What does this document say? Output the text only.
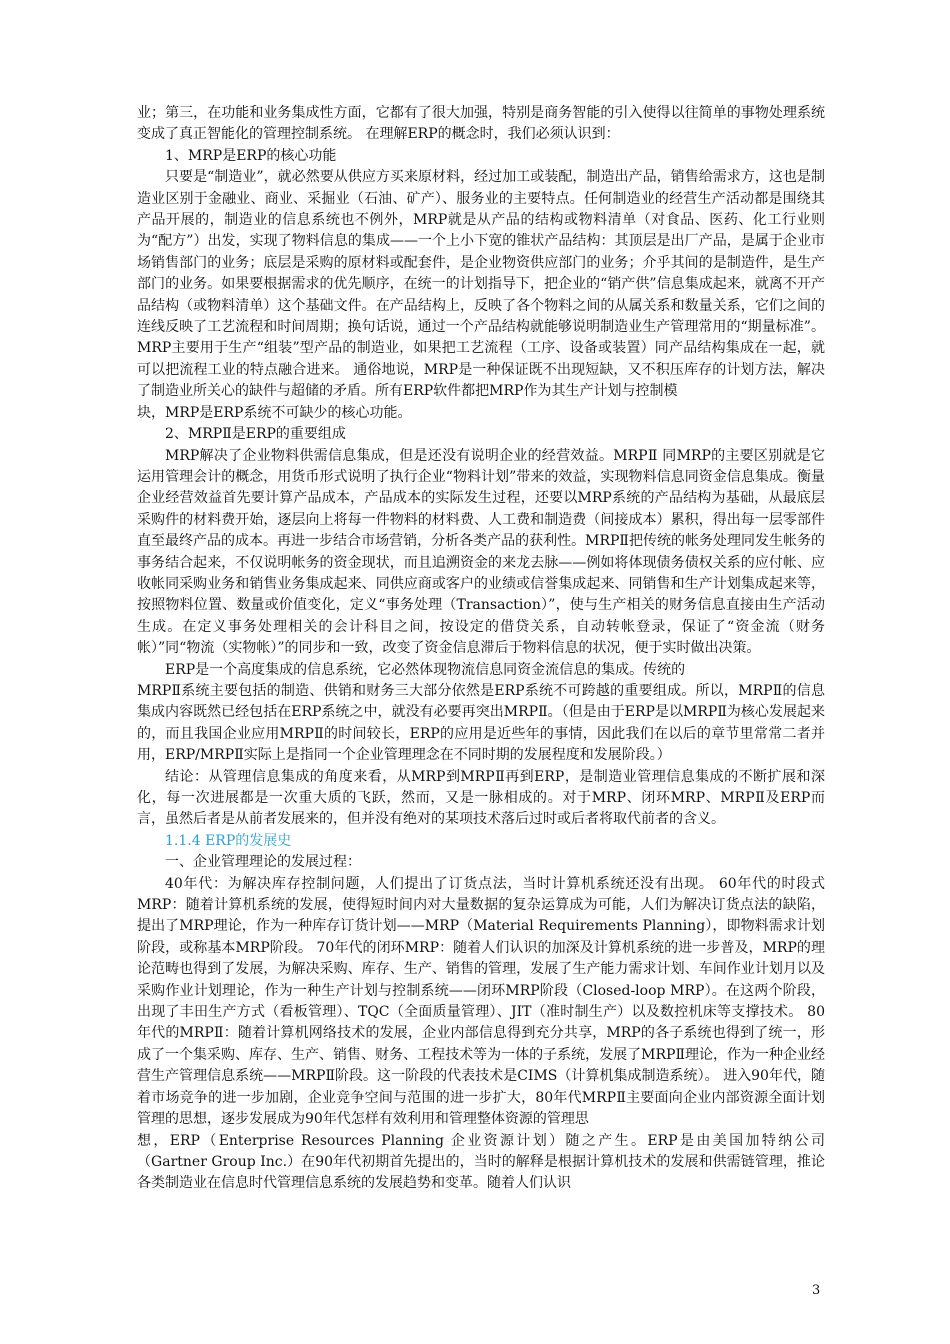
业；第三，在功能和业务集成性方面，它都有了很大加强，特别是商务智能的引入使得以往简单的事物处理系统变成了真正智能化的管理控制系统。 在理解ERP的概念时，我们必须认识到：

1、MRP是ERP的核心功能

只要是“制造业”，就必然要从供应方买来原材料，经过加工或装配，制造出产品，销售给需求方，这也是制造业区别于金融业、商业、采掘业（石油、矿产）、服务业的主要特点。任何制造业的经营生产活动都是围绕其产品开展的，制造业的信息系统也不例外，MRP就是从产品的结构或物料清单（对食品、医药、化工行业则为“配方”）出发，实现了物料信息的集成——一个上小下宽的锥状产品结构：其顶层是出厂产品，是属于企业市场销售部门的业务；底层是采购的原材料或配套件，是企业物资供应部门的业务；介乎其间的是制造件，是生产部门的业务。如果要根据需求的优先顺序，在统一的计划指导下，把企业的“销产供”信息集成起来，就离不开产品结构（或物料清单）这个基础文件。在产品结构上，反映了各个物料之间的从属关系和数量关系，它们之间的连线反映了工艺流程和时间周期；换句话说，通过一个产品结构就能够说明制造业生产管理常用的“期量标准”。MRP主要用于生产“组装”型产品的制造业，如果把工艺流程（工序、设备或装置）同产品结构集成在一起，就可以把流程工业的特点融合进来。 通俗地说，MRP是一种保证既不出现短缺，又不积压库存的计划方法，解决了制造业所关心的缺件与超储的矛盾。所有ERP软件都把MRP作为其生产计划与控制模

块，MRP是ERP系统不可缺少的核心功能。

2、MRPⅡ是ERP的重要组成

MRP解决了企业物料供需信息集成，但是还没有说明企业的经营效益。MRPⅡ 同MRP的主要区别就是它运用管理会计的概念，用货币形式说明了执行企业“物料计划”带来的效益，实现物料信息同资金信息集成。衡量企业经营效益首先要计算产品成本，产品成本的实际发生过程，还要以MRP系统的产品结构为基础，从最底层采购件的材料费开始，逐层向上将每一件物料的材料费、人工费和制造费（间接成本）累积，得出每一层零部件直至最终产品的成本。再进一步结合市场营销，分析各类产品的获利性。MRPⅡ把传统的帐务处理同发生帐务的事务结合起来，不仅说明帐务的资金现状，而且追溯资金的来龙去脉——例如将体现债务债权关系的应付帐、应收帐同采购业务和销售业务集成起来、同供应商或客户的业绩或信誉集成起来、同销售和生产计划集成起来等，按照物料位置、数量或价值变化，定义“事务处理（Transaction）”，使与生产相关的财务信息直接由生产活动生成。在定义事务处理相关的会计科目之间，按设定的借贷关系，自动转帐登录，保证了“资金流（财务帐）”同“物流（实物帐）”的同步和一致，改变了资金信息滞后于物料信息的状况，便于实时做出决策。

ERP是一个高度集成的信息系统，它必然体现物流信息同资金流信息的集成。传统的

MRPⅡ系统主要包括的制造、供销和财务三大部分依然是ERP系统不可跨越的重要组成。所以，MRPⅡ的信息集成内容既然已经包括在ERP系统之中，就没有必要再突出MRPⅡ。（但是由于ERP是以MRPⅡ为核心发展起来的，而且我国企业应用MRPⅡ的时间较长，ERP的应用是近些年的事情，因此我们在以后的章节里常常二者并用，ERP/MRPⅡ实际上是指同一个企业管理理念在不同时期的发展程度和发展阶段。）

结论：从管理信息集成的角度来看，从MRP到MRPⅡ再到ERP，是制造业管理信息集成的不断扩展和深化，每一次进展都是一次重大质的飞跃，然而，又是一脉相成的。对于MRP、闭环MRP、MRPⅡ及ERP而言，虽然后者是从前者发展来的，但并没有绝对的某项技术落后过时或后者将取代前者的含义。

1.1.4 ERP的发展史

一、企业管理理论的发展过程：

40年代：为解决库存控制问题，人们提出了订货点法，当时计算机系统还没有出现。 60年代的时段式MRP：随着计算机系统的发展，使得短时间内对大量数据的复杂运算成为可能，人们为解决订货点法的缺陷，提出了MRP理论，作为一种库存订货计划——MRP（Material Requirements Planning），即物料需求计划阶段，或称基本MRP阶段。 70年代的闭环MRP：随着人们认识的加深及计算机系统的进一步普及，MRP的理论范畴也得到了发展，为解决采购、库存、生产、销售的管理，发展了生产能力需求计划、车间作业计划月以及采购作业计划理论，作为一种生产计划与控制系统——闭环MRP阶段（Closed-loop MRP）。在这两个阶段，出现了丰田生产方式（看板管理）、TQC（全面质量管理）、JIT（准时制生产）以及数控机床等支撑技术。 80年代的MRPⅡ：随着计算机网络技术的发展，企业内部信息得到充分共享，MRP的各子系统也得到了统一，形成了一个集采购、库存、生产、销售、财务、工程技术等为一体的子系统，发展了MRPⅡ理论，作为一种企业经营生产管理信息系统——MRPⅡ阶段。这一阶段的代表技术是CIMS（计算机集成制造系统）。 进入90年代，随着市场竞争的进一步加剧，企业竞争空间与范围的进一步扩大，80年代MRPⅡ主要面向企业内部资源全面计划管理的思想，逐步发展成为90年代怎样有效利用和管理整体资源的管理思

想，ERP（Enterprise Resources Planning 企业资源计划）随之产生。ERP是由美国加特纳公司（Gartner Group Inc.）在90年代初期首先提出的，当时的解释是根据计算机技术的发展和供需链管理，推论各类制造业在信息时代管理信息系统的发展趋势和变革。随着人们认识

3
